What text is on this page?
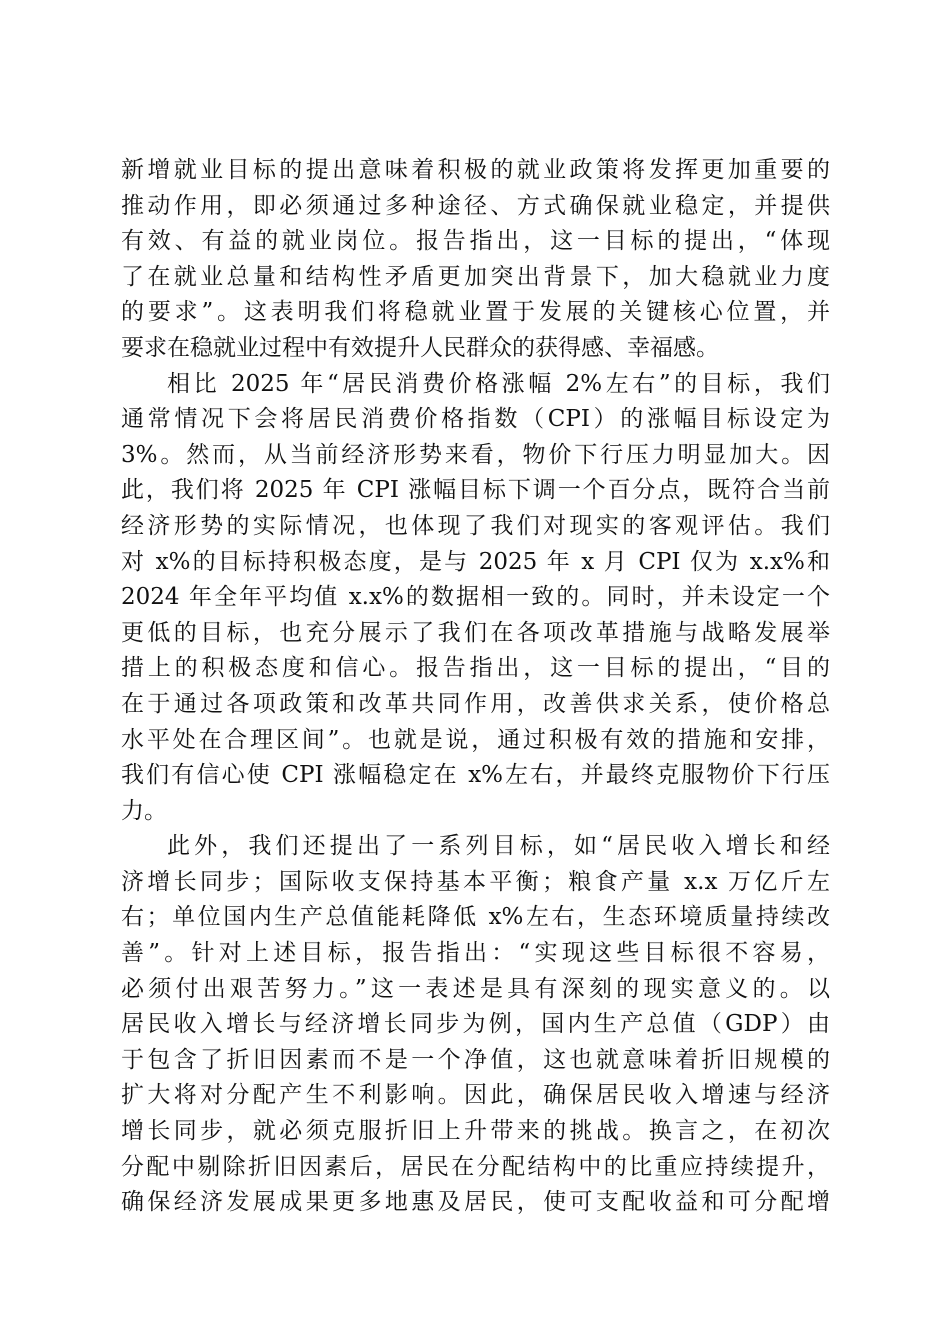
新增就业目标的提出意味着积极的就业政策将发挥更加重要的
推动作用，即必须通过多种途径、方式确保就业稳定，并提供
有效、有益的就业岗位。报告指出，这一目标的提出，“体现
了在就业总量和结构性矛盾更加突出背景下，加大稳就业力度
的要求”。这表明我们将稳就业置于发展的关键核心位置，并
要求在稳就业过程中有效提升人民群众的获得感、幸福感。
相比 2025 年“居民消费价格涨幅 2%左右”的目标，我们
通常情况下会将居民消费价格指数（CPI）的涨幅目标设定为
3%。然而，从当前经济形势来看，物价下行压力明显加大。因
此，我们将 2025 年 CPI 涨幅目标下调一个百分点，既符合当前
经济形势的实际情况，也体现了我们对现实的客观评估。我们
对 x%的目标持积极态度，是与 2025 年 x 月 CPI 仅为 x.x%和
2024 年全年平均值 x.x%的数据相一致的。同时，并未设定一个
更低的目标，也充分展示了我们在各项改革措施与战略发展举
措上的积极态度和信心。报告指出，这一目标的提出，“目的
在于通过各项政策和改革共同作用，改善供求关系，使价格总
水平处在合理区间”。也就是说，通过积极有效的措施和安排，
我们有信心使 CPI 涨幅稳定在 x%左右，并最终克服物价下行压
力。
此外，我们还提出了一系列目标，如“居民收入增长和经
济增长同步；国际收支保持基本平衡；粮食产量 x.x 万亿斤左
右；单位国内生产总值能耗降低 x%左右，生态环境质量持续改
善”。针对上述目标，报告指出：“实现这些目标很不容易，
必须付出艰苦努力。”这一表述是具有深刻的现实意义的。以
居民收入增长与经济增长同步为例，国内生产总值（GDP）由
于包含了折旧因素而不是一个净值，这也就意味着折旧规模的
扩大将对分配产生不利影响。因此，确保居民收入增速与经济
增长同步，就必须克服折旧上升带来的挑战。换言之，在初次
分配中剔除折旧因素后，居民在分配结构中的比重应持续提升，
确保经济发展成果更多地惠及居民，使可支配收益和可分配增
